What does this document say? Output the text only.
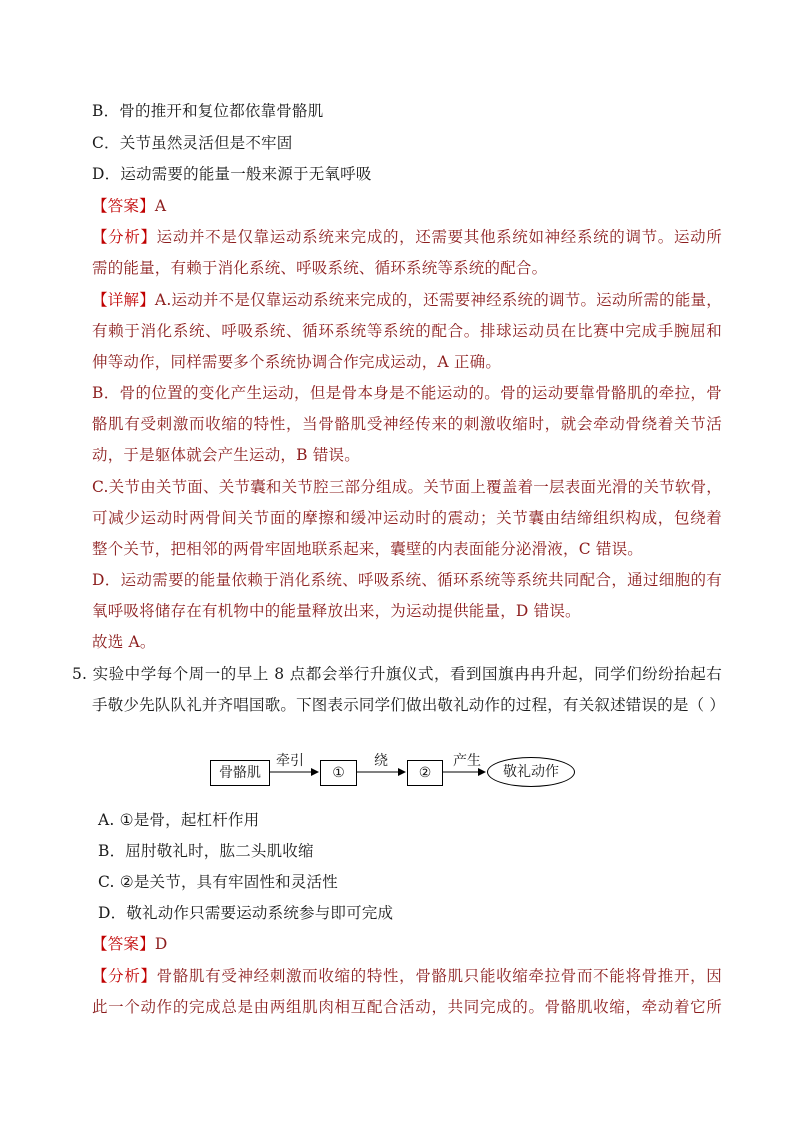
B．骨的推开和复位都依靠骨骼肌
C．关节虽然灵活但是不牢固
D．运动需要的能量一般来源于无氧呼吸
【答案】A
【分析】运动并不是仅靠运动系统来完成的，还需要其他系统如神经系统的调节。运动所
需的能量，有赖于消化系统、呼吸系统、循环系统等系统的配合。
【详解】A.运动并不是仅靠运动系统来完成的，还需要神经系统的调节。运动所需的能量，
有赖于消化系统、呼吸系统、循环系统等系统的配合。排球运动员在比赛中完成手腕屈和
伸等动作，同样需要多个系统协调合作完成运动，A 正确。
B．骨的位置的变化产生运动，但是骨本身是不能运动的。骨的运动要靠骨骼肌的牵拉，骨
骼肌有受刺激而收缩的特性，当骨骼肌受神经传来的刺激收缩时，就会牵动骨绕着关节活
动，于是躯体就会产生运动，B 错误。
C.关节由关节面、关节囊和关节腔三部分组成。关节面上覆盖着一层表面光滑的关节软骨，
可减少运动时两骨间关节面的摩擦和缓冲运动时的震动；关节囊由结缔组织构成，包绕着
整个关节，把相邻的两骨牢固地联系起来，囊壁的内表面能分泌滑液，C 错误。
D．运动需要的能量依赖于消化系统、呼吸系统、循环系统等系统共同配合，通过细胞的有
氧呼吸将储存在有机物中的能量释放出来，为运动提供能量，D 错误。
故选 A。
5. 实验中学每个周一的早上 8 点都会举行升旗仪式，看到国旗冉冉升起，同学们纷纷抬起右
手敬少先队队礼并齐唱国歌。下图表示同学们做出敬礼动作的过程，有关叙述错误的是（ ）
骨骼肌
牵引
①
绕
②
产生
敬礼动作
A. ①是骨，起杠杆作用
B．屈肘敬礼时，肱二头肌收缩
C. ②是关节，具有牢固性和灵活性
D．敬礼动作只需要运动系统参与即可完成
【答案】D
【分析】骨骼肌有受神经刺激而收缩的特性，骨骼肌只能收缩牵拉骨而不能将骨推开，因
此一个动作的完成总是由两组肌肉相互配合活动，共同完成的。骨骼肌收缩，牵动着它所
